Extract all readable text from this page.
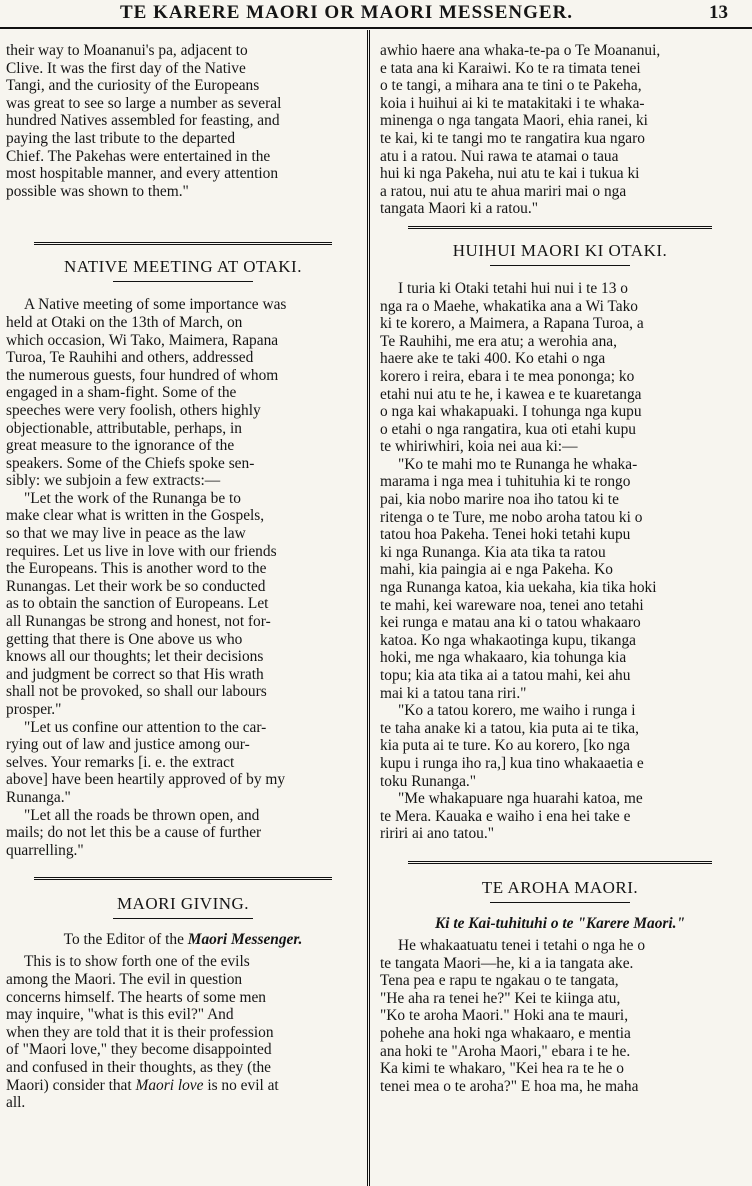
TE KARERE MAORI OR MAORI MESSENGER.	13

their way to Moananui's pa, adjacent to
Clive. It was the first day of the Native
Tangi, and the curiosity of the Europeans
was great to see so large a number as several
hundred Natives assembled for feasting, and
paying the last tribute to the departed
Chief. The Pakehas were entertained in the
most hospitable manner, and every attention
possible was shown to them."

NATIVE MEETING AT OTAKI.

A Native meeting of some importance was
held at Otaki on the 13th of March, on
which occasion, Wi Tako, Maimera, Rapana
Turoa, Te Rauhihi and others, addressed
the numerous guests, four hundred of whom
engaged in a sham-fight. Some of the
speeches were very foolish, others highly
objectionable, attributable, perhaps, in
great measure to the ignorance of the
speakers. Some of the Chiefs spoke sen-
sibly: we subjoin a few extracts:—

"Let the work of the Runanga be to
make clear what is written in the Gospels,
so that we may live in peace as the law
requires. Let us live in love with our friends
the Europeans. This is another word to the
Runangas. Let their work be so conducted
as to obtain the sanction of Europeans. Let
all Runangas be strong and honest, not for-
getting that there is One above us who
knows all our thoughts; let their decisions
and judgment be correct so that His wrath
shall not be provoked, so shall our labours
prosper."

"Let us confine our attention to the car-
rying out of law and justice among our-
selves. Your remarks [i. e. the extract
above] have been heartily approved of by my
Runanga."

"Let all the roads be thrown open, and
mails; do not let this be a cause of further
quarrelling."

MAORI GIVING.

To the Editor of the Maori Messenger.

This is to show forth one of the evils
among the Maori. The evil in question
concerns himself. The hearts of some men
may inquire, "what is this evil?" And
when they are told that it is their profession
of "Maori love," they become disappointed
and confused in their thoughts, as they (the
Maori) consider that Maori love is no evil at
all.

awhio haere ana whaka-te-pa o Te Moananui,
e tata ana ki Karaiwi. Ko te ra timata tenei
o te tangi, a mihara ana te tini o te Pakeha,
koia i huihui ai ki te matakitaki i te whaka-
minenga o nga tangata Maori, ehia ranei, ki
te kai, ki te tangi mo te rangatira kua ngaro
atu i a ratou. Nui rawa te atamai o taua
hui ki nga Pakeha, nui atu te kai i tukua ki
a ratou, nui atu te ahua mariri mai o nga
tangata Maori ki a ratou."

HUIHUI MAORI KI OTAKI.

I turia ki Otaki tetahi hui nui i te 13 o
nga ra o Maehe, whakatika ana a Wi Tako
ki te korero, a Maimera, a Rapana Turoa, a
Te Rauhihi, me era atu; a werohia ana,
haere ake te taki 400. Ko etahi o nga
korero i reira, ebara i te mea pononga; ko
etahi nui atu te he, i kawea e te kuaretanga
o nga kai whakapuaki. I tohunga nga kupu
o etahi o nga rangatira, kua oti etahi kupu
te whiriwhiri, koia nei aua ki:—

"Ko te mahi mo te Runanga he whaka-
marama i nga mea i tuhituhia ki te rongo
pai, kia nobo marire noa iho tatou ki te
ritenga o te Ture, me nobo aroha tatou ki o
tatou hoa Pakeha. Tenei hoki tetahi kupu
ki nga Runanga. Kia ata tika ta ratou
mahi, kia paingia ai e nga Pakeha. Ko
nga Runanga katoa, kia uekaha, kia tika hoki
te mahi, kei wareware noa, tenei ano tetahi
kei runga e matau ana ki o tatou whakaaro
katoa. Ko nga whakaotinga kupu, tikanga
hoki, me nga whakaaro, kia tohunga kia
topu; kia ata tika ai a tatou mahi, kei ahu
mai ki a tatou tana riri."

"Ko a tatou korero, me waiho i runga i
te taha anake ki a tatou, kia puta ai te tika,
kia puta ai te ture. Ko au korero, [ko nga
kupu i runga iho ra,] kua tino whakaaetia e
toku Runanga."

"Me whakapuare nga huarahi katoa, me
te Mera. Kauaka e waiho i ena hei take e
ririri ai ano tatou."

TE AROHA MAORI.

Ki te Kai-tuhituhi o te "Karere Maori."

He whakaatuatu tenei i tetahi o nga he o
te tangata Maori—he, ki a ia tangata ake.
Tena pea e rapu te ngakau o te tangata,
"He aha ra tenei he?" Kei te kiinga atu,
"Ko te aroha Maori." Hoki ana te mauri,
pohehe ana hoki nga whakaaro, e mentia
ana hoki te "Aroha Maori," ebara i te he.
Ka kimi te whakaro, "Kei hea ra te he o
tenei mea o te aroha?" E hoa ma, he maha
